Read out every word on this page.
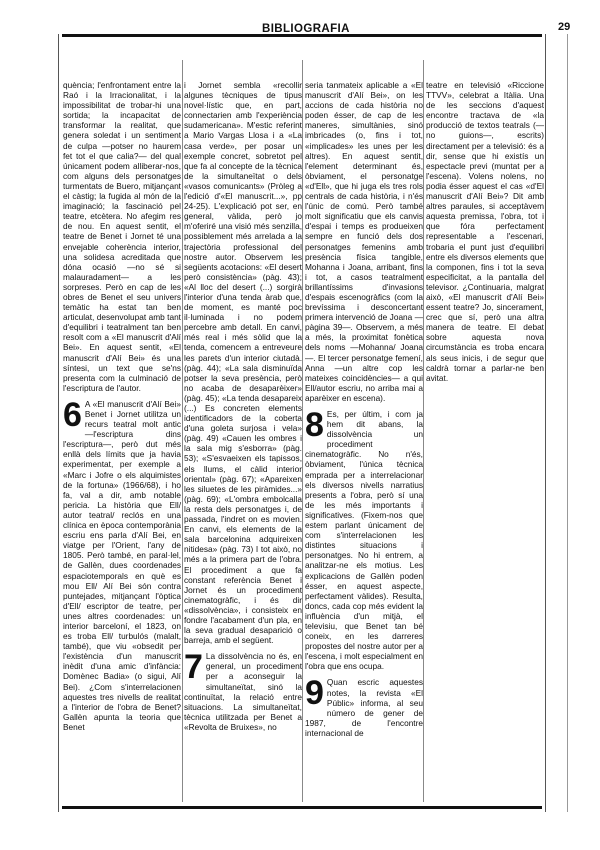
BIBLIOGRAFIA	29

quència; l'enfrontament entre la Raó i la Irracionalitat, i la impossibilitat de trobar-hi una sortida; la incapacitat de transformar la realitat, que genera soledat i un sentiment de culpa —potser no haurem fet tot el que calia?— del qual únicament podem alliberar-nos, com alguns dels personatges turmentats de Buero, mitjançant el càstig; la fugida al món de la imaginació; la fascinació pel teatre, etcètera. No afegim res de nou. En aquest sentit, el teatre de Benet i Jornet té una envejable coherència interior, una solidesa acreditada que dóna ocasió —no sé si malauradament— a les sorpreses. Però en cap de les obres de Benet el seu univers temàtic ha estat tan ben articulat, desenvolupat amb tant d'equilibri i teatralment tan ben resolt com a «El manuscrit d'Alí Bei». En aquest sentit, «El manuscrit d'Alí Bei» és una síntesi, un text que se'ns presenta com la culminació de l'escriptura de l'autor.

6 A «El manuscrit d'Alí Bei» Benet i Jornet utilitza un recurs teatral molt antic —l'escriptura dins l'escriptura—, però dut més enllà dels límits que ja havia experimentat, per exemple a «Marc i Jofre o els alquimistes de la fortuna» (1966/68), i ho fa, val a dir, amb notable pericia. La història que Ell/ autor teatral/ reclós en una clínica en època contemporània escriu ens parla d'Alí Bei, en viatge per l'Orient, l'any de 1805. Però també, en paral·lel, de Gallèn, dues coordenades espaciotemporals en què es mou Ell/ Alí Bei són contra puntejades, mitjançant l'òptica d'Ell/ escriptor de teatre, per unes altres coordenades: un interior barceloní, el 1823, on es troba Ell/ turbulós (malalt, també), que viu «obsedit per l'existència d'un manuscrit inèdit d'una amic d'infància: Domènec Badia» (o sigui, Alí Bei). ¿Com s'interrelacionen aquestes tres nivells de realitat a l'interior de l'obra de Benet? Gallèn apunta la teoria que Benet

i Jornet sembla «recollir algunes tècniques de tipus novel·lístic que, en part, connectarien amb l'experiència sudamericana». M'estic referint a Mario Vargas Llosa i a «La casa verde», per posar un exemple concret, sobretot pel que fa al concepte de la tècnica de la simultaneïtat o dels «vasos comunicants» (Pròleg a l'edició d'«El manuscrit...», pp 24-25). L'explicació pot ser, en general, vàlida, però jo m'oferiré una visió més senzilla, possiblement més arrelada a la trajectòria professional del nostre autor. Observem les següents acotacions: «El desert però consistència» (pàg. 43); «Al lloc del desert (...) sorgirà l'interior d'una tenda àrab que, de moment, es manté poc il·luminada i no podem percebre amb detall. En canvi, més real i més sòlid que la tenda, comencem a entreveure les parets d'un interior ciutadà. (pàg. 44); «La sala disminuïda potser la seva presència, però no acaba de desaparèixer» (pàg. 45); «La tenda desapareix (...) Es concreten elements identificadors de la coberta d'una goleta surjosa i vela» (pàg. 49) «Cauen les ombres i la sala mig s'esborra» (pàg. 53); «S'esvaeixen els tapissos, els llums, el càlid interior oriental» (pàg. 67); «Apareixen les siluetes de les piràmides...» (pàg. 69); «L'ombra embolcalla la resta dels personatges i, de passada, l'indret on es movien. En canvi, els elements de la sala barcelonina adquireixen nitidesa» (pàg. 73) I tot això, no més a la primera part de l'obra. El procediment a que fa constant referència Benet i Jornet és un procediment cinematogràfic, i és dir «dissolvència», i consisteix en fondre l'acabament d'un pla, en la seva gradual desaparició o barreja, amb el següent.

7 La dissolvència no és, en general, un procediment per a aconseguir la simultaneïtat, sinó la continuïtat, la relació entre situacions. La simultaneïtat, tècnica utilitzada per Benet a «Revolta de Bruixes», no

seria tanmateix aplicable a «El manuscrit d'Alí Bei», on les accions de cada història no poden ésser, de cap de les maneres, simultànies, sinó imbricades (o, fins i tot, «implicades» les unes per les altres). En aquest sentit, l'element determinant és, òbviament, el personatge «d'Ell», que hi juga els tres rols centrals de cada història, i n'és l'únic de comú. Però també molt significatiu que els canvis d'espai i temps es produeixen sempre en funció dels dos personatges femenins amb presència física tangible, Mohanna i Joana, arribant, fins i tot, a casos teatralment brillantíssims d'invasions d'espais escenogràfics (com la brevíssima i desconcertant primera intervenció de Joana —pàgina 39—. Observem, a més a més, la proximitat fonètica dels noms —Mohanna/ Joana—. El tercer personatge femení, Anna —un altre cop les mateixes coincidències— a qui Ell/autor escriu, no arriba mai a aparèixer en escena).

8 Es, per últim, i com ja hem dit abans, la dissolvència un procediment cinematogràfic. No n'és, òbviament, l'única tècnica emprada per a interrelacionar els diversos nivells narratius presents a l'obra, però sí una de les més importants i significatives. (Fixem-nos que estem parlant únicament de com s'interrelacionen les distintes situacions i personatges. No hi entrem, a analitzar-ne els motius. Les explicacions de Gallèn poden ésser, en aquest aspecte, perfectament vàlides). Resulta, doncs, cada cop més evident la influència d'un mitjà, el televisiu, que Benet tan bé coneix, en les darreres propostes del nostre autor per a l'escena, i molt especialment en l'obra que ens ocupa.

9 Quan escric aquestes notes, la revista «El Públic» informa, al seu número de gener de 1987, de l'encontre internacional de

teatre en televisió «Riccione TTVV», celebrat a Itàlia. Una de les seccions d'aquest encontre tractava de «la producció de textos teatrals (—no guions—, escrits) directament per a televisió: és a dir, sense que hi existís un espectacle previ (muntat per a l'escena). Volens nolens, no podia ésser aquest el cas «d'El manuscrit d'Alí Bei»? Dit amb altres paraules, si acceptàvem aquesta premissa, l'obra, tot i que fóra perfectament representable a l'escenari, trobaria el punt just d'equilibri entre els diversos elements que la componen, fins i tot la seva especificitat, a la pantalla del televisor. ¿Continuaria, malgrat això, «El manuscrit d'Alí Bei» essent teatre? Jo, sincerament, crec que sí, però una altra manera de teatre. El debat sobre aquesta nova circumstància es troba encara als seus inicis, i de segur que caldrà tornar a parlar-ne ben avitat.
